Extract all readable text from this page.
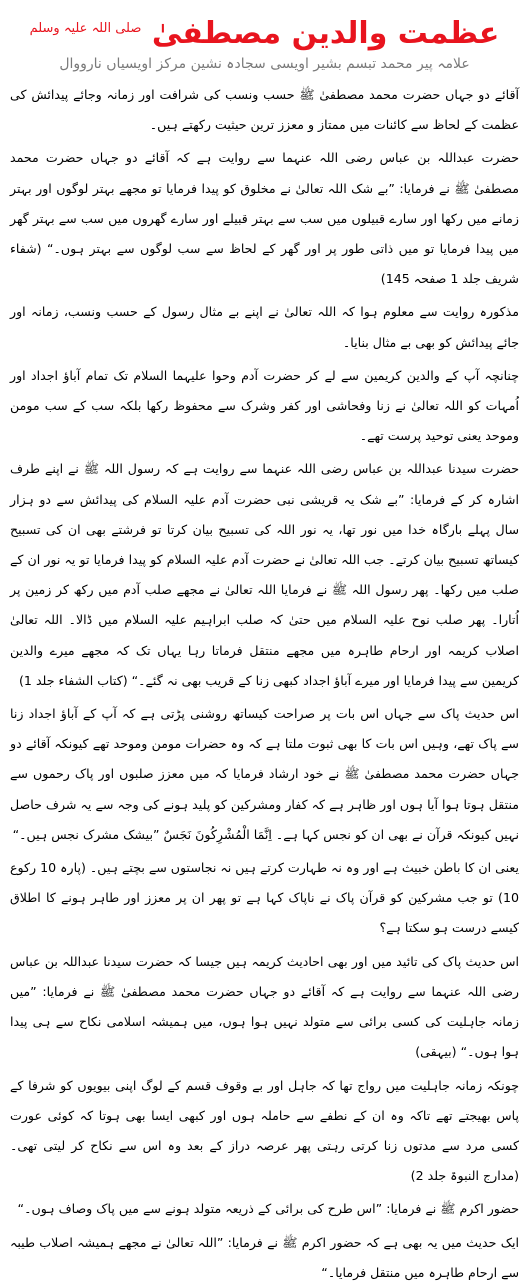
عظمت والدین مصطفیٰ $^{صلی اللہ علیہ وسلم}$
علامہ پیر محمد تبسم بشیر اویسی سجادہ نشین مرکز اویسیاں نارووال

آقائے دو جہاں حضرت محمد مصطفیٰ ﷺ حسب ونسب کی شرافت اور زمانہ وجائے پیدائش کی عظمت کے لحاظ سے کائنات میں ممتاز و معزز ترین حیثیت رکھتے ہیں۔

حضرت عبداللہ بن عباس رضی اللہ عنہما سے روایت ہے کہ آقائے دو جہاں حضرت محمد مصطفیٰ ﷺ نے فرمایا: ”بے شک اللہ تعالیٰ نے مخلوق کو پیدا فرمایا تو مجھے بہتر لوگوں اور بہتر زمانے میں رکھا اور سارے قبیلوں میں سب سے بہتر قبیلے اور سارے گھروں میں سب سے بہتر گھر میں پیدا فرمایا تو میں ذاتی طور پر اور گھر کے لحاظ سے سب لوگوں سے بہتر ہوں۔“ (شفاء شریف جلد 1 صفحہ 145)

مذکورہ روایت سے معلوم ہوا کہ اللہ تعالیٰ نے اپنے بے مثال رسول کے حسب ونسب، زمانہ اور جائے پیدائش کو بھی بے مثال بنایا۔

چنانچہ آپ کے والدین کریمین سے لے کر حضرت آدم وحوا علیہما السلام تک تمام آباؤ اجداد اور اُمہات کو اللہ تعالیٰ نے زنا وفحاشی اور کفر وشرک سے محفوظ رکھا بلکہ سب کے سب مومن وموحد یعنی توحید پرست تھے۔

حضرت سیدنا عبداللہ بن عباس رضی اللہ عنہما سے روایت ہے کہ رسول اللہ ﷺ نے اپنے طرف اشارہ کر کے فرمایا: ”بے شک یہ قریشی نبی حضرت آدم علیہ السلام کی پیدائش سے دو ہزار سال پہلے بارگاہ خدا میں نور تھا، یہ نور اللہ کی تسبیح بیان کرتا تو فرشتے بھی ان کی تسبیح کیساتھ تسبیح بیان کرتے۔ جب اللہ تعالیٰ نے حضرت آدم علیہ السلام کو پیدا فرمایا تو یہ نور ان کے صلب میں رکھا۔ پھر رسول اللہ ﷺ نے فرمایا اللہ تعالیٰ نے مجھے صلب آدم میں رکھ کر زمین پر اُتارا۔ پھر صلب نوح علیہ السلام میں حتیٰ کہ صلب ابراہیم علیہ السلام میں ڈالا۔ اللہ تعالیٰ اصلاب کریمہ اور ارحام طاہرہ میں مجھے منتقل فرماتا رہا یہاں تک کہ مجھے میرے والدین کریمین سے پیدا فرمایا اور میرے آباؤ اجداد کبھی زنا کے قریب بھی نہ گئے۔“ (کتاب الشفاء جلد 1)

اس حدیث پاک سے جہاں اس بات پر صراحت کیساتھ روشنی پڑتی ہے کہ آپ کے آباؤ اجداد زنا سے پاک تھے، وہیں اس بات کا بھی ثبوت ملتا ہے کہ وہ حضرات مومن وموحد تھے کیونکہ آقائے دو جہاں حضرت محمد مصطفیٰ ﷺ نے خود ارشاد فرمایا کہ میں معزز صلبوں اور پاک رحموں سے منتقل ہوتا ہوا آیا ہوں اور ظاہر ہے کہ کفار ومشرکین کو پلید ہونے کی وجہ سے یہ شرف حاصل نہیں کیونکہ قرآن نے بھی ان کو نجس کہا ہے۔ اِنَّمَا الْمُشْرِكُونَ نَجَسٌ ”بیشک مشرک نجس ہیں۔“

یعنی ان کا باطن خبیث ہے اور وہ نہ طہارت کرتے ہیں نہ نجاستوں سے بچتے ہیں۔ (پارہ 10 رکوع 10) تو جب مشرکین کو قرآن پاک نے ناپاک کہا ہے تو پھر ان پر معزز اور طاہر ہونے کا اطلاق کیسے درست ہو سکتا ہے؟

اس حدیث پاک کی تائید میں اور بھی احادیث کریمہ ہیں جیسا کہ حضرت سیدنا عبداللہ بن عباس رضی اللہ عنہما سے روایت ہے کہ آقائے دو جہاں حضرت محمد مصطفیٰ ﷺ نے فرمایا: ”میں زمانہ جاہلیت کی کسی برائی سے متولد نہیں ہوا ہوں، میں ہمیشہ اسلامی نکاح سے ہی پیدا ہوا ہوں۔“ (بیہقی)

چونکہ زمانہ جاہلیت میں رواج تھا کہ جاہل اور بے وقوف قسم کے لوگ اپنی بیویوں کو شرفا کے پاس بھیجتے تھے تاکہ وہ ان کے نطفے سے حاملہ ہوں اور کبھی ایسا بھی ہوتا کہ کوئی عورت کسی مرد سے مدتوں زنا کرتی رہتی پھر عرصہ دراز کے بعد وہ اس سے نکاح کر لیتی تھی۔ (مدارج النبوۃ جلد 2)

حضور اکرم ﷺ نے فرمایا: ”اس طرح کی برائی کے ذریعہ متولد ہونے سے میں پاک وصاف ہوں۔“

ایک حدیث میں یہ بھی ہے کہ حضور اکرم ﷺ نے فرمایا: ”اللہ تعالیٰ نے مجھے ہمیشہ اصلاب طیبہ سے ارحام طاہرہ میں منتقل فرمایا۔“
